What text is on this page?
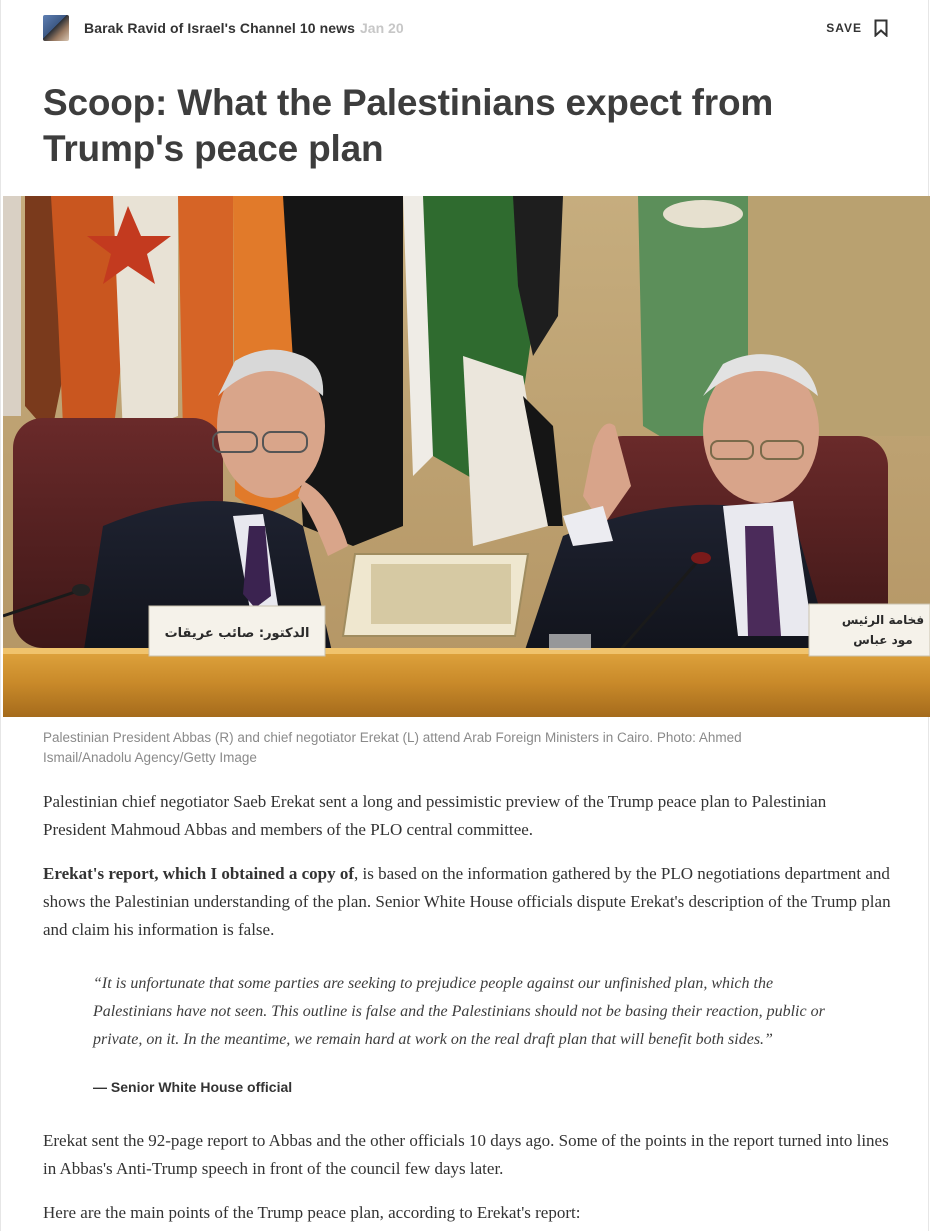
Barak Ravid of Israel's Channel 10 news Jan 20	SAVE
Scoop: What the Palestinians expect from Trump's peace plan
الدكتور: صائب عريقات
فخامة الرئيس
مود عباس
Palestinian President Abbas (R) and chief negotiator Erekat (L) attend Arab Foreign Ministers in Cairo. Photo: Ahmed Ismail/Anadolu Agency/Getty Image

Palestinian chief negotiator Saeb Erekat sent a long and pessimistic preview of the Trump peace plan to Palestinian President Mahmoud Abbas and members of the PLO central committee.

Erekat's report, which I obtained a copy of, is based on the information gathered by the PLO negotiations department and shows the Palestinian understanding of the plan. Senior White House officials dispute Erekat's description of the Trump plan and claim his information is false.

“It is unfortunate that some parties are seeking to prejudice people against our unfinished plan, which the Palestinians have not seen. This outline is false and the Palestinians should not be basing their reaction, public or private, on it. In the meantime, we remain hard at work on the real draft plan that will benefit both sides.”

— Senior White House official

Erekat sent the 92-page report to Abbas and the other officials 10 days ago. Some of the points in the report turned into lines in Abbas's Anti-Trump speech in front of the council few days later.

Here are the main points of the Trump peace plan, according to Erekat's report:
